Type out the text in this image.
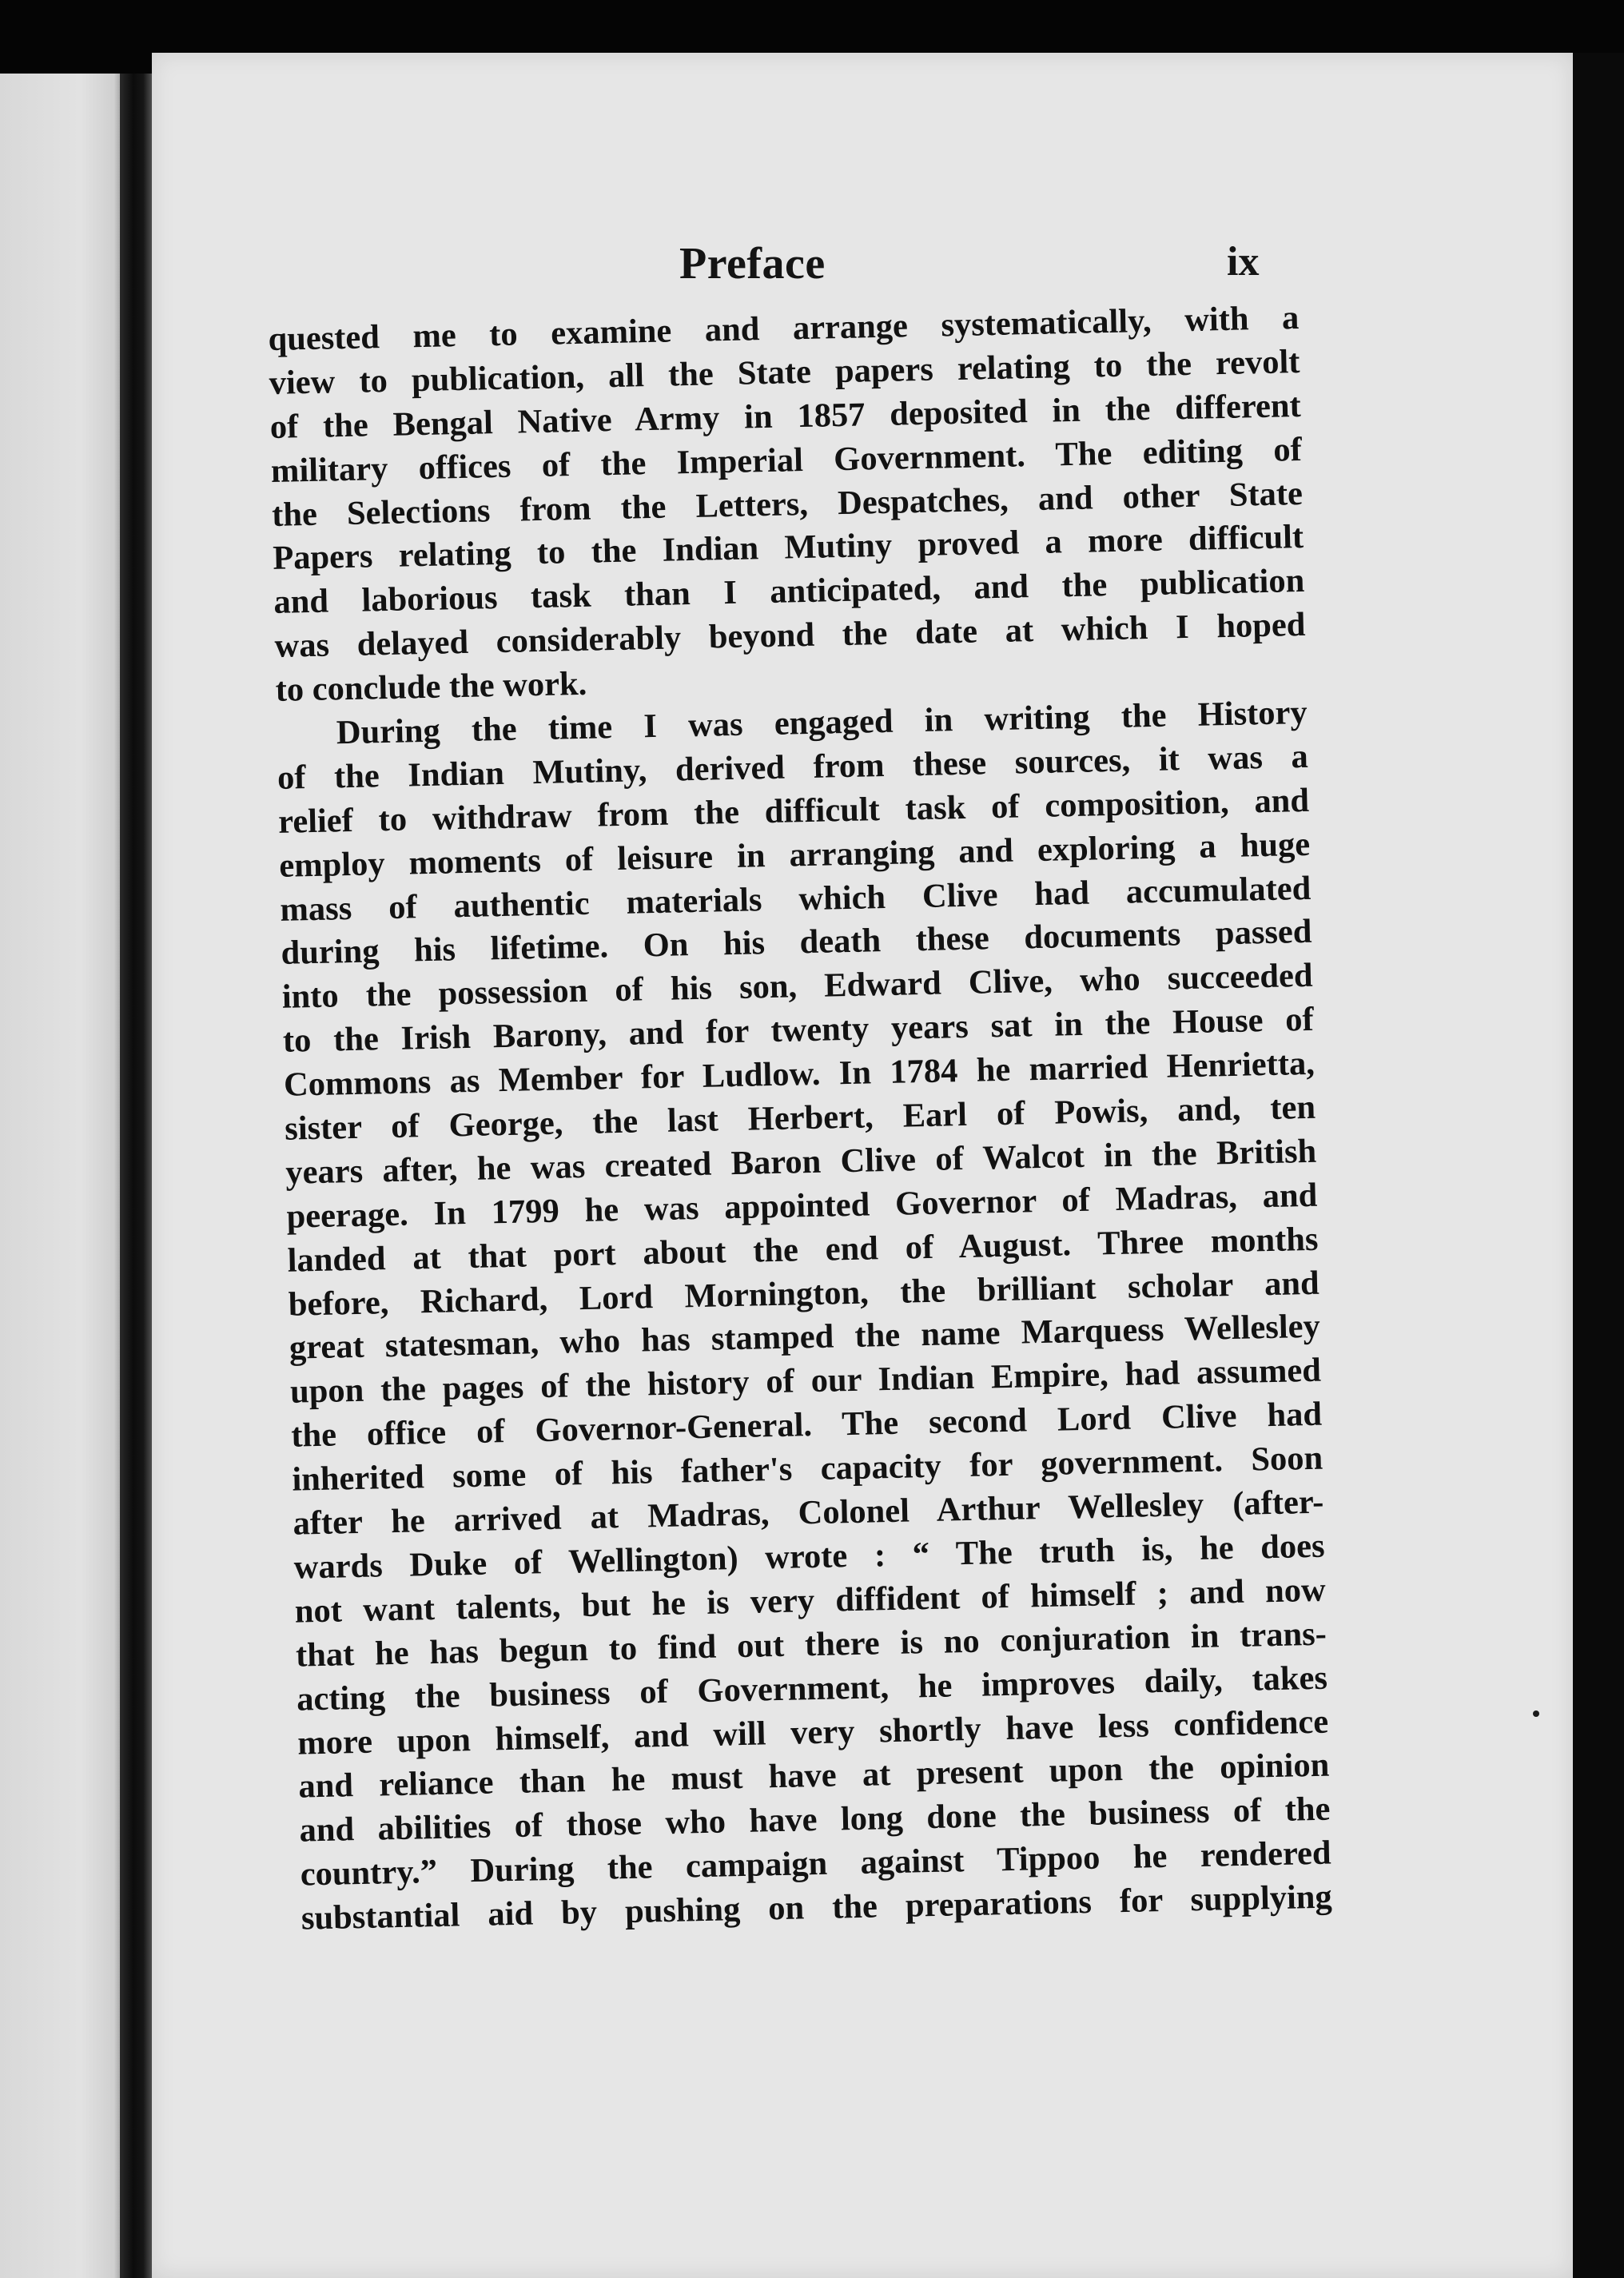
Preface	ix
quested me to examine and arrange systematically, with a
view to publication, all the State papers relating to the revolt
of the Bengal Native Army in 1857 deposited in the different
military offices of the Imperial Government. The editing of
the Selections from the Letters, Despatches, and other State
Papers relating to the Indian Mutiny proved a more difficult
and laborious task than I anticipated, and the publication
was delayed considerably beyond the date at which I hoped
to conclude the work.
During the time I was engaged in writing the History
of the Indian Mutiny, derived from these sources, it was a
relief to withdraw from the difficult task of composition, and
employ moments of leisure in arranging and exploring a huge
mass of authentic materials which Clive had accumulated
during his lifetime. On his death these documents passed
into the possession of his son, Edward Clive, who succeeded
to the Irish Barony, and for twenty years sat in the House of
Commons as Member for Ludlow. In 1784 he married Henrietta,
sister of George, the last Herbert, Earl of Powis, and, ten
years after, he was created Baron Clive of Walcot in the British
peerage. In 1799 he was appointed Governor of Madras, and
landed at that port about the end of August. Three months
before, Richard, Lord Mornington, the brilliant scholar and
great statesman, who has stamped the name Marquess Wellesley
upon the pages of the history of our Indian Empire, had assumed
the office of Governor-General. The second Lord Clive had
inherited some of his father's capacity for government. Soon
after he arrived at Madras, Colonel Arthur Wellesley (after-
wards Duke of Wellington) wrote : “ The truth is, he does
not want talents, but he is very diffident of himself ; and now
that he has begun to find out there is no conjuration in trans-
acting the business of Government, he improves daily, takes
more upon himself, and will very shortly have less confidence
and reliance than he must have at present upon the opinion
and abilities of those who have long done the business of the
country.” During the campaign against Tippoo he rendered
substantial aid by pushing on the preparations for supplying
